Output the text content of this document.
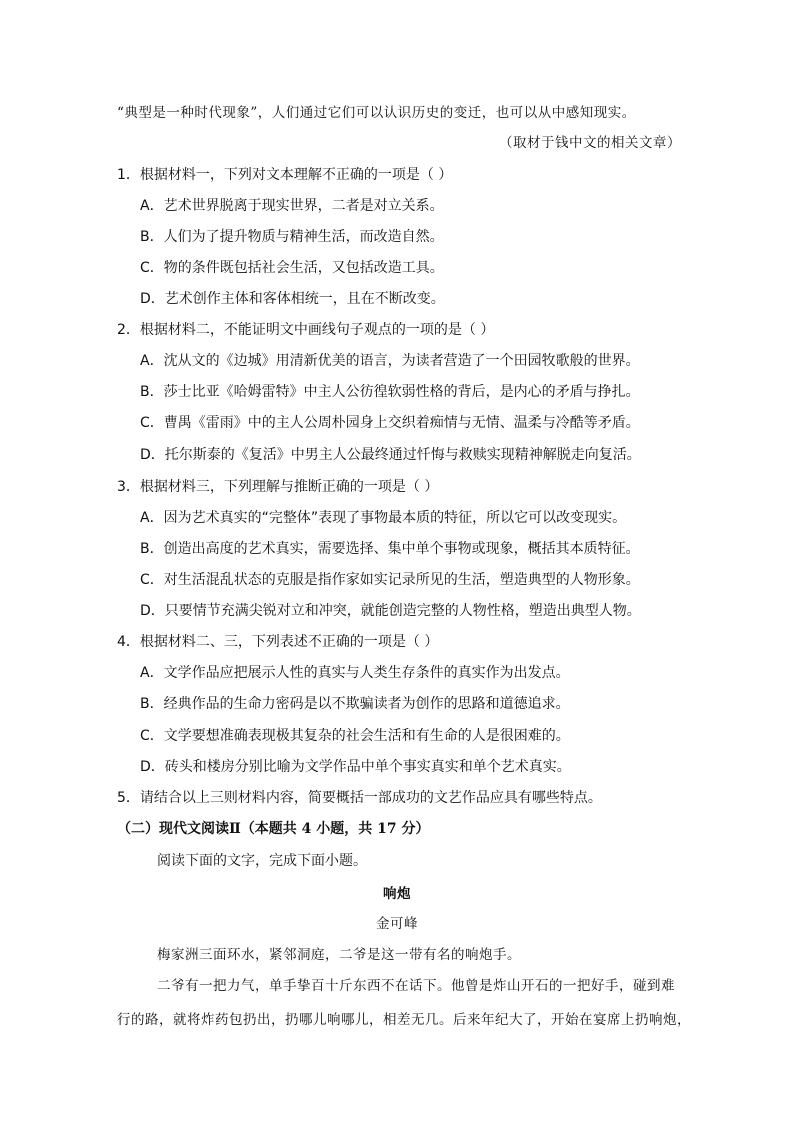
“典型是一种时代现象”，人们通过它们可以认识历史的变迁，也可以从中感知现实。
（取材于钱中文的相关文章）
1．根据材料一，下列对文本理解不正确的一项是（ ）
A．艺术世界脱离于现实世界，二者是对立关系。
B．人们为了提升物质与精神生活，而改造自然。
C．物的条件既包括社会生活，又包括改造工具。
D．艺术创作主体和客体相统一，且在不断改变。
2．根据材料二，不能证明文中画线句子观点的一项的是（ ）
A．沈从文的《边城》用清新优美的语言，为读者营造了一个田园牧歌般的世界。
B．莎士比亚《哈姆雷特》中主人公彷徨软弱性格的背后，是内心的矛盾与挣扎。
C．曹禺《雷雨》中的主人公周朴园身上交织着痴情与无情、温柔与冷酷等矛盾。
D．托尔斯泰的《复活》中男主人公最终通过忏悔与救赎实现精神解脱走向复活。
3．根据材料三，下列理解与推断正确的一项是（ ）
A．因为艺术真实的“完整体”表现了事物最本质的特征，所以它可以改变现实。
B．创造出高度的艺术真实，需要选择、集中单个事物或现象，概括其本质特征。
C．对生活混乱状态的克服是指作家如实记录所见的生活，塑造典型的人物形象。
D．只要情节充满尖锐对立和冲突，就能创造完整的人物性格，塑造出典型人物。
4．根据材料二、三，下列表述不正确的一项是（ ）
A．文学作品应把展示人性的真实与人类生存条件的真实作为出发点。
B．经典作品的生命力密码是以不欺骗读者为创作的思路和道德追求。
C．文学要想准确表现极其复杂的社会生活和有生命的人是很困难的。
D．砖头和楼房分别比喻为文学作品中单个事实真实和单个艺术真实。
5．请结合以上三则材料内容，简要概括一部成功的文艺作品应具有哪些特点。
（二）现代文阅读Ⅱ（本题共 4 小题，共 17 分）
阅读下面的文字，完成下面小题。
响炮
金可峰
梅家洲三面环水，紧邻洞庭，二爷是这一带有名的响炮手。
二爷有一把力气，单手挚百十斤东西不在话下。他曾是炸山开石的一把好手，碰到难
行的路，就将炸药包扔出，扔哪儿响哪儿，相差无几。后来年纪大了，开始在宴席上扔响炮，
